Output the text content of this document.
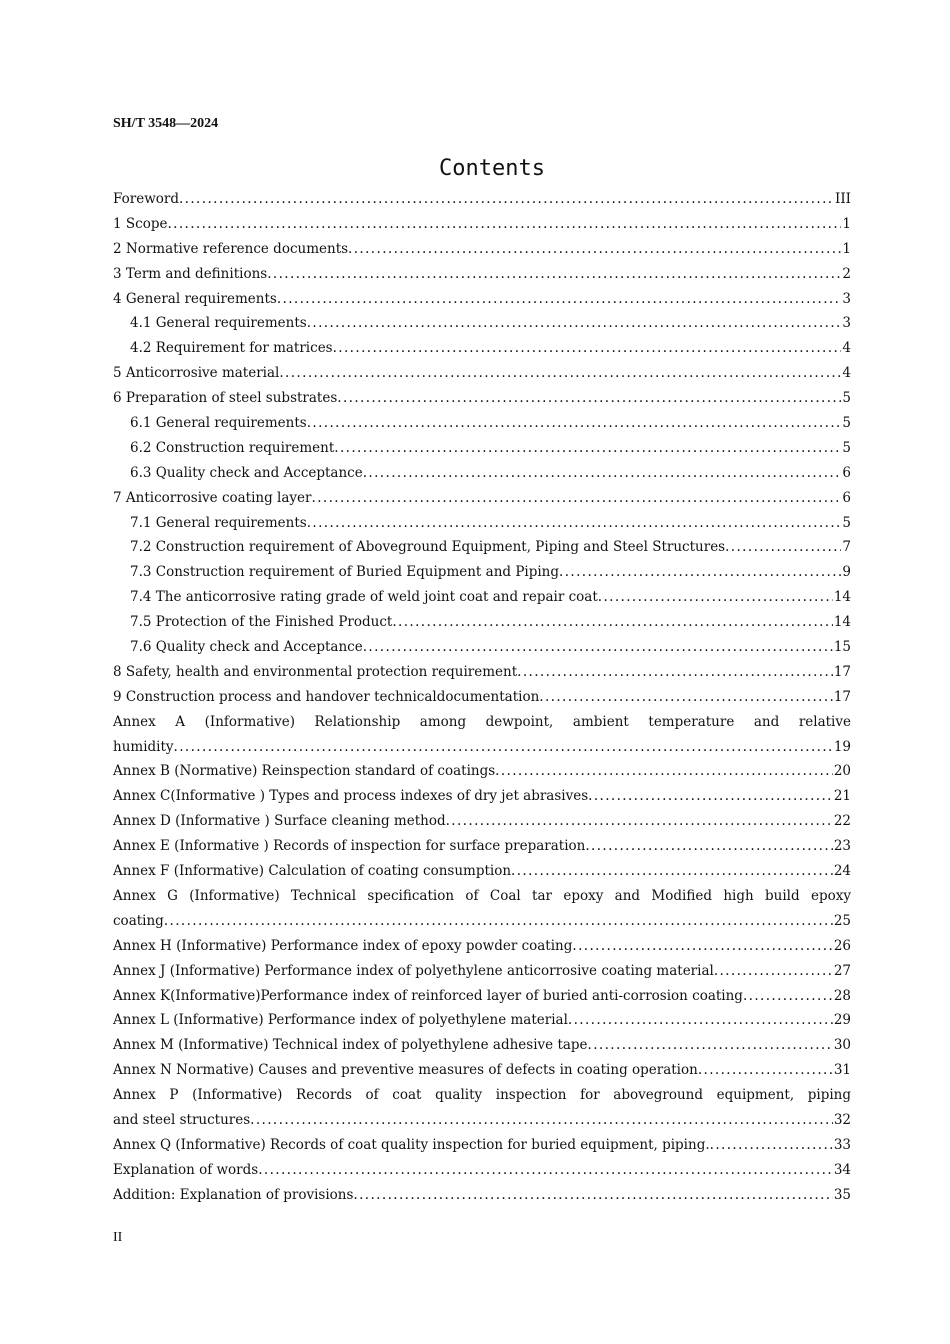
SH/T 3548—2024
Contents
Foreword .....	III
1 Scope .....	1
2 Normative reference documents .....	1
3 Term and definitions .....	2
4 General requirements .....	3
4.1 General requirements .....	3
4.2 Requirement for matrices .....	4
5 Anticorrosive material .....	4
6 Preparation of steel substrates .....	5
6.1 General requirements .....	5
6.2 Construction requirement .....	5
6.3 Quality check and Acceptance .....	6
7 Anticorrosive coating layer .....	6
7.1 General requirements .....	5
7.2 Construction requirement of Aboveground Equipment, Piping and Steel Structures .....	7
7.3 Construction requirement of Buried Equipment and Piping .....	9
7.4 The anticorrosive rating grade of weld joint coat and repair coat .....	14
7.5 Protection of the Finished Product .....	14
7.6 Quality check and Acceptance .....	15
8 Safety, health and environmental protection requirement .....	17
9 Construction process and handover technicaldocumentation .....	17
Annex A (Informative) Relationship among dewpoint, ambient temperature and relative
humidity .....	19
Annex B (Normative) Reinspection standard of coatings .....	20
Annex C(Informative ) Types and process indexes of dry jet abrasives .....	21
Annex D (Informative ) Surface cleaning method .....	22
Annex E (Informative ) Records of inspection for surface preparation .....	23
Annex F (Informative) Calculation of coating consumption .....	24
Annex G (Informative) Technical specification of Coal tar epoxy and Modified high build epoxy
coating .....	25
Annex H (Informative) Performance index of epoxy powder coating .....	26
Annex J (Informative) Performance index of polyethylene anticorrosive coating material .....	27
Annex K(Informative)Performance index of reinforced layer of buried anti-corrosion coating .....	28
Annex L (Informative) Performance index of polyethylene material .....	29
Annex M (Informative) Technical index of polyethylene adhesive tape .....	30
Annex N Normative) Causes and preventive measures of defects in coating operation .....	31
Annex P (Informative) Records of coat quality inspection for aboveground equipment, piping
and steel structures .....	32
Annex Q (Informative) Records of coat quality inspection for buried equipment, piping. .....	33
Explanation of words .....	34
Addition: Explanation of provisions .....	35
II
